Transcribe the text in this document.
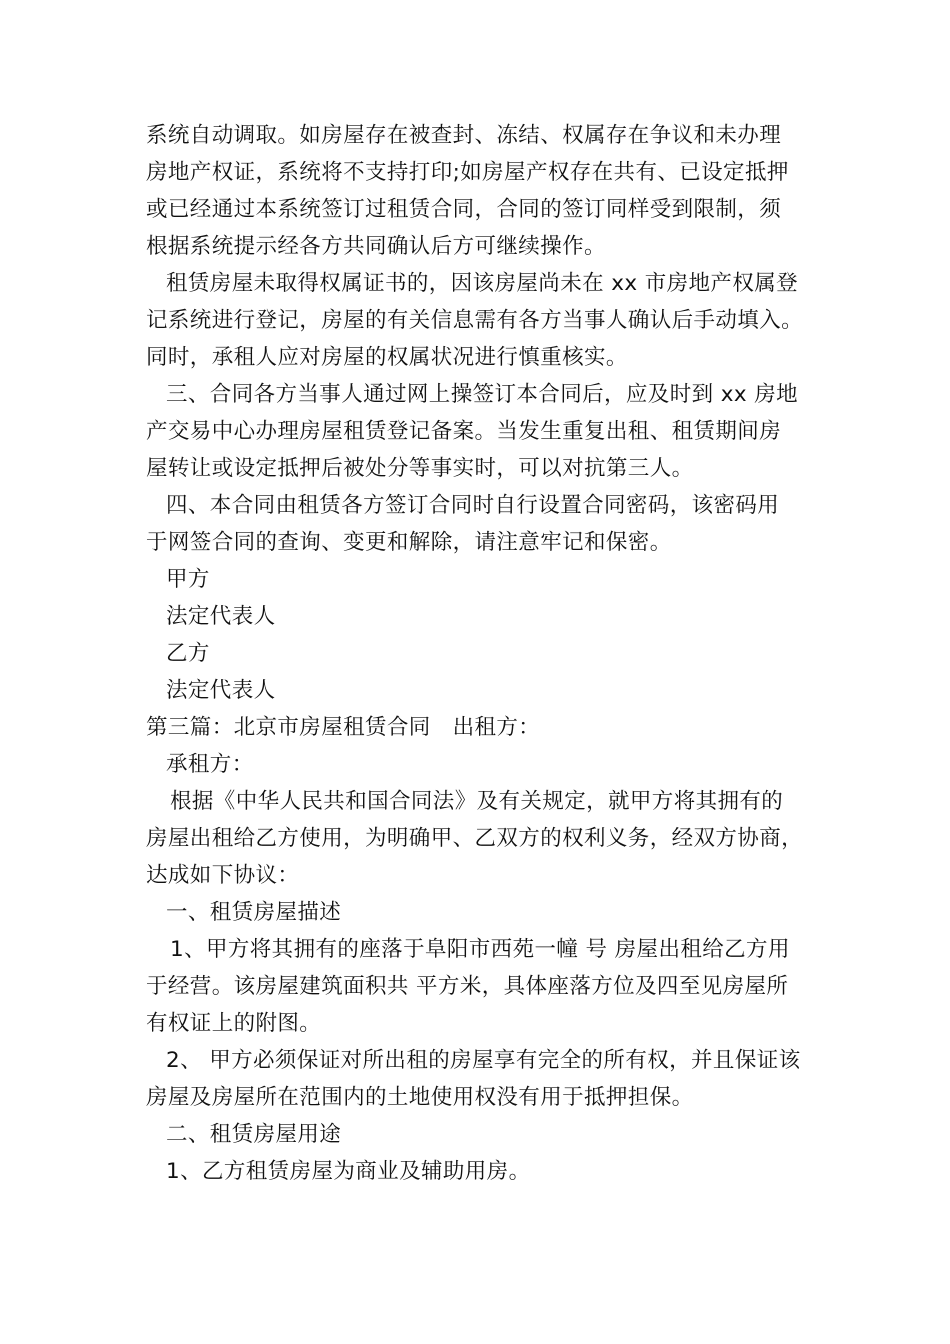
系统自动调取。如房屋存在被查封、冻结、权属存在争议和未办理
房地产权证，系统将不支持打印;如房屋产权存在共有、已设定抵押
或已经通过本系统签订过租赁合同，合同的签订同样受到限制，须
根据系统提示经各方共同确认后方可继续操作。
租赁房屋未取得权属证书的，因该房屋尚未在 xx 市房地产权属登
记系统进行登记，房屋的有关信息需有各方当事人确认后手动填入。
同时，承租人应对房屋的权属状况进行慎重核实。
三、合同各方当事人通过网上操签订本合同后，应及时到 xx 房地
产交易中心办理房屋租赁登记备案。当发生重复出租、租赁期间房
屋转让或设定抵押后被处分等事实时，可以对抗第三人。
四、本合同由租赁各方签订合同时自行设置合同密码，该密码用
于网签合同的查询、变更和解除，请注意牢记和保密。
甲方
法定代表人
乙方
法定代表人
第三篇：北京市房屋租赁合同　出租方：
承租方：
根据《中华人民共和国合同法》及有关规定，就甲方将其拥有的
房屋出租给乙方使用，为明确甲、乙双方的权利义务，经双方协商，
达成如下协议：
一、租赁房屋描述
1、甲方将其拥有的座落于阜阳市西苑一幢 号 房屋出租给乙方用
于经营。该房屋建筑面积共 平方米，具体座落方位及四至见房屋所
有权证上的附图。
2、 甲方必须保证对所出租的房屋享有完全的所有权，并且保证该
房屋及房屋所在范围内的土地使用权没有用于抵押担保。
二、租赁房屋用途
1、乙方租赁房屋为商业及辅助用房。
